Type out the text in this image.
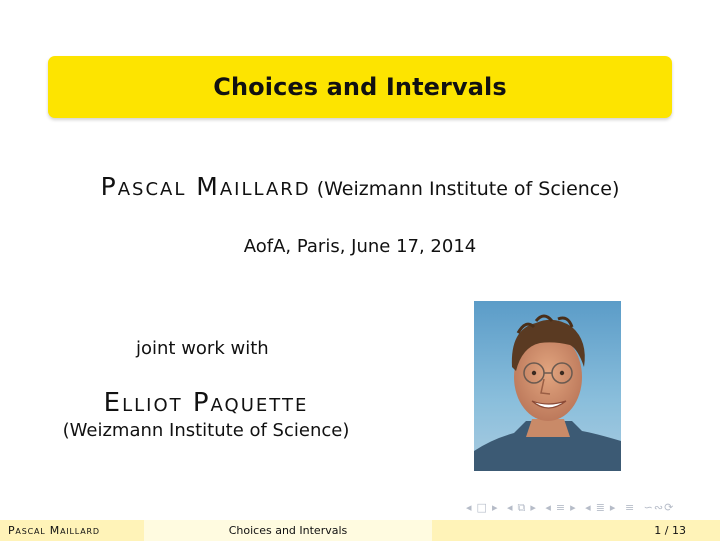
Choices and Intervals
Pascal Maillard (Weizmann Institute of Science)
AofA, Paris, June 17, 2014
joint work with
Elliot Paquette
(Weizmann Institute of Science)
◂ □ ▸ ◂ ⧉ ▸ ◂ ≡ ▸ ◂ ≣ ▸ ≡ ∽∾⟳
Pascal Maillard	Choices and Intervals	1 / 13
